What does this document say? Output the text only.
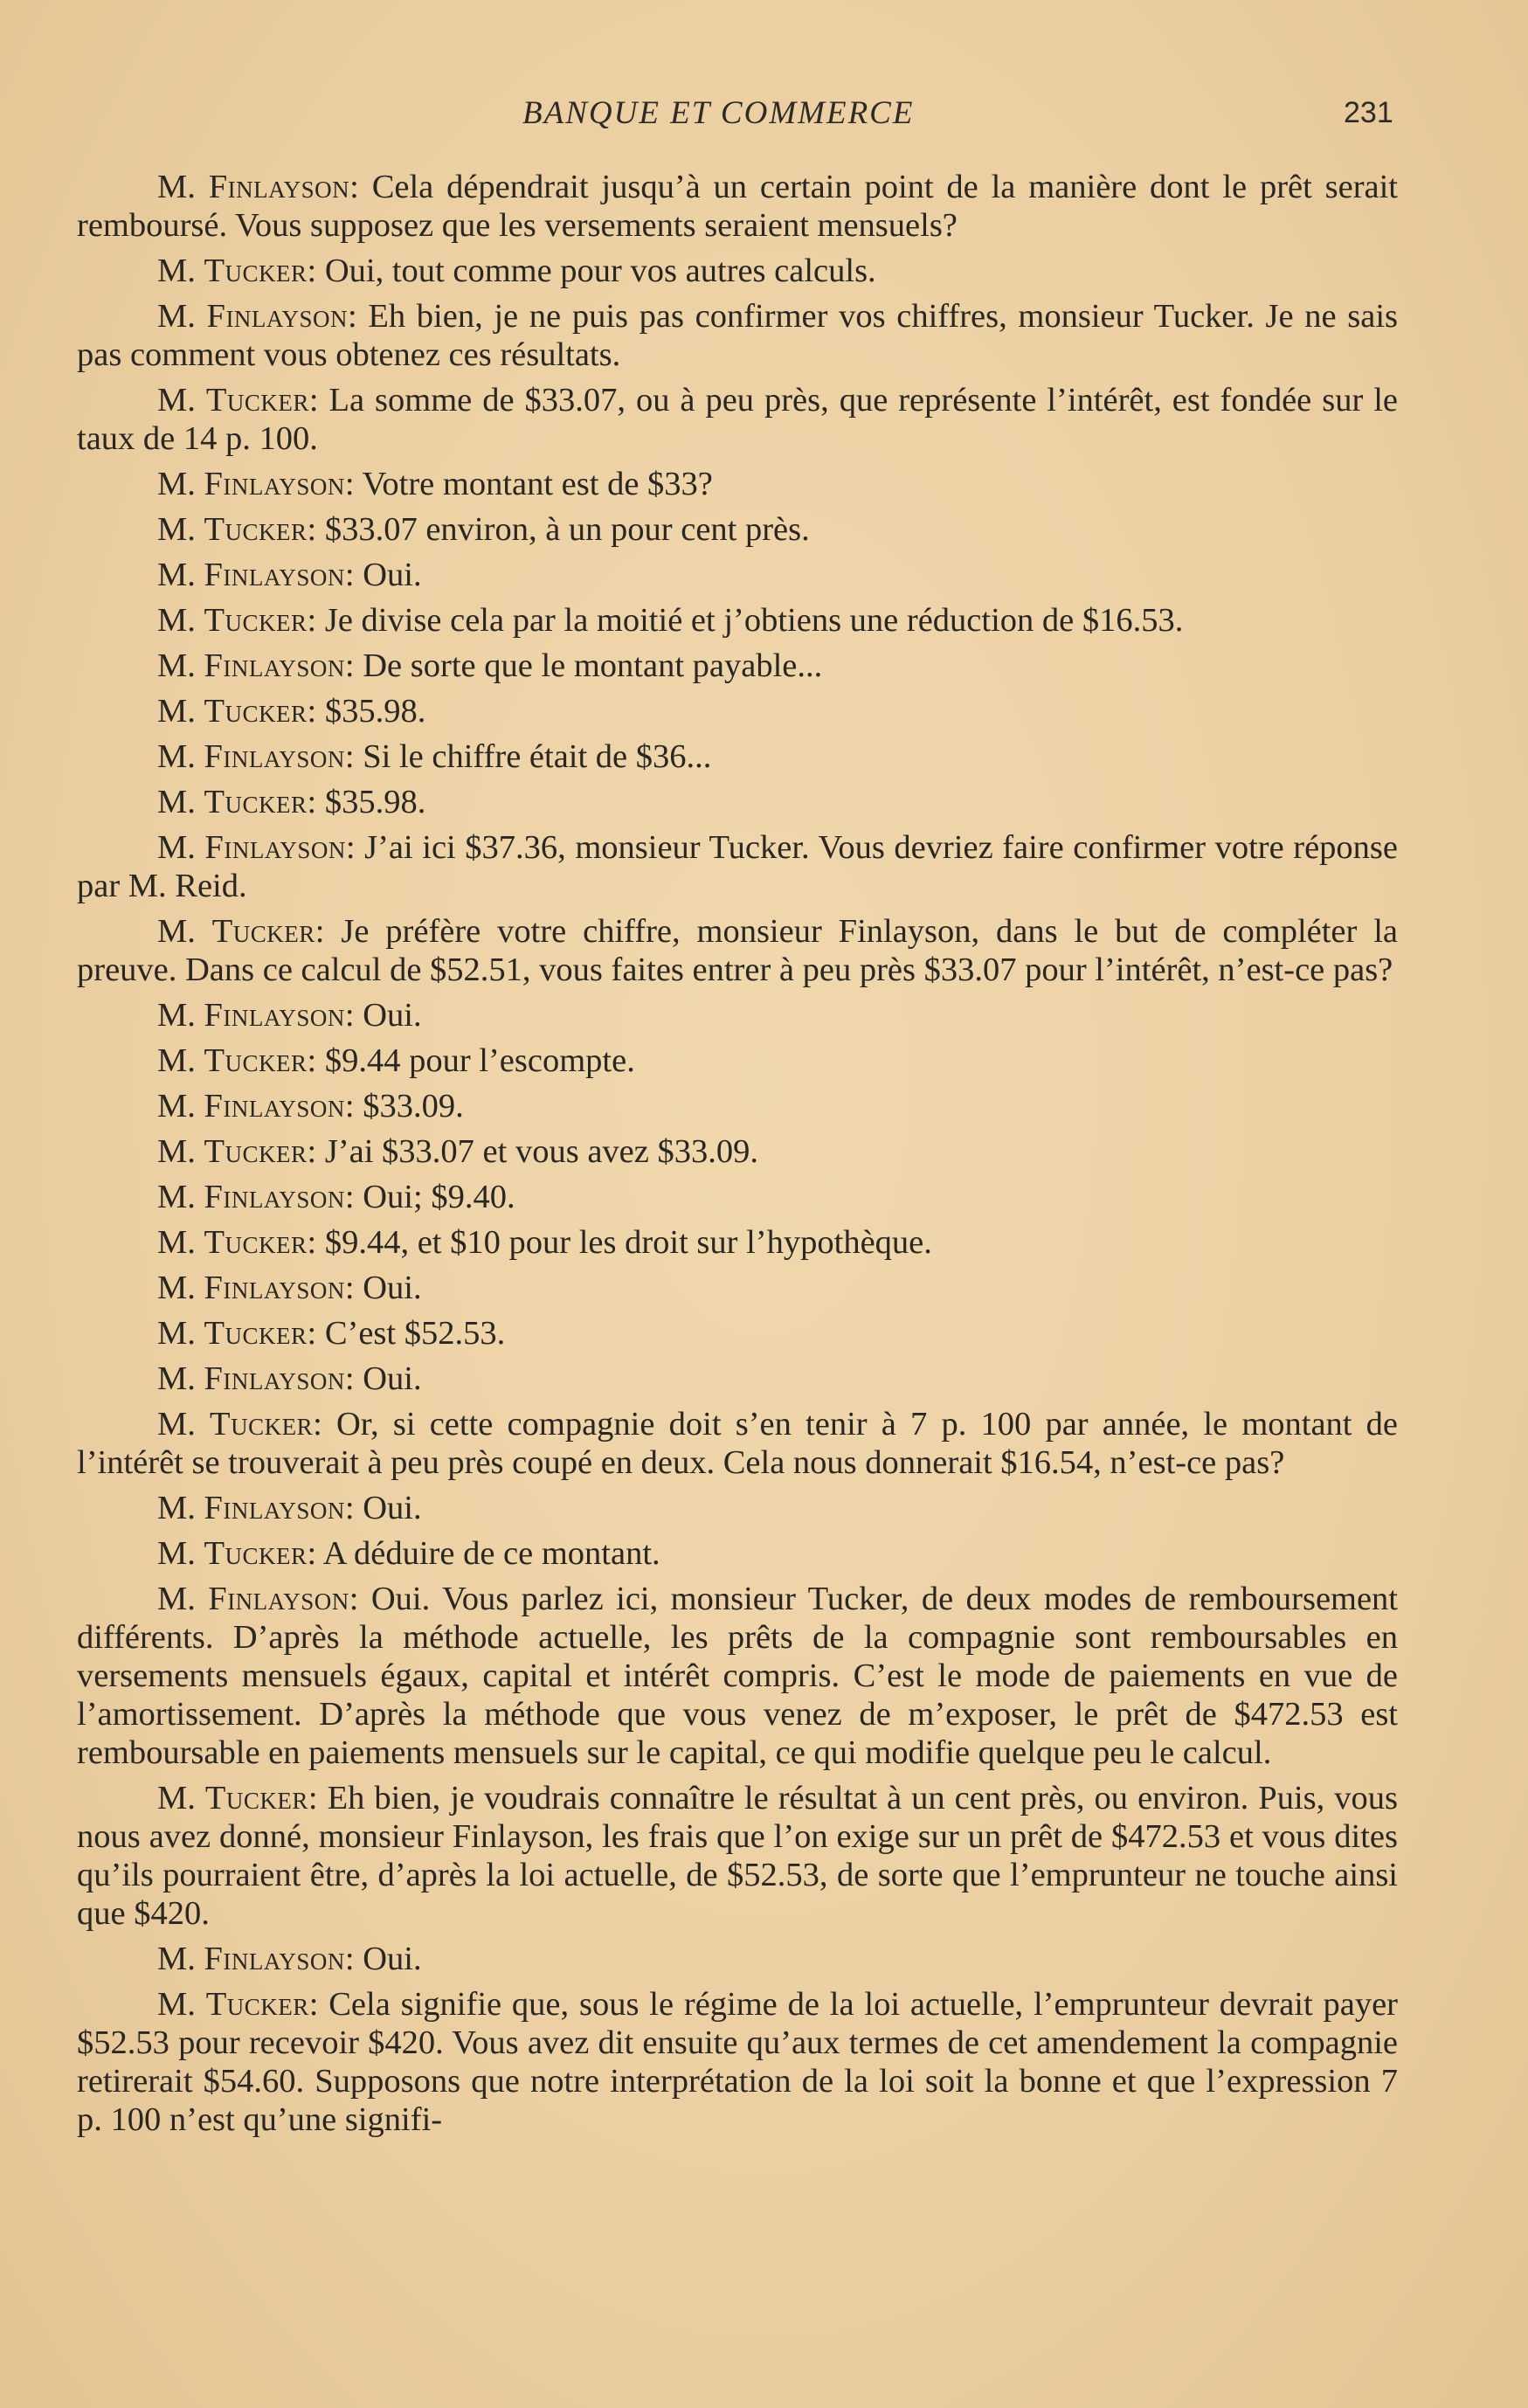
BANQUE ET COMMERCE	231

M. Finlayson: Cela dépendrait jusqu’à un certain point de la manière dont le prêt serait remboursé. Vous supposez que les versements seraient mensuels?

M. Tucker: Oui, tout comme pour vos autres calculs.

M. Finlayson: Eh bien, je ne puis pas confirmer vos chiffres, monsieur Tucker. Je ne sais pas comment vous obtenez ces résultats.

M. Tucker: La somme de $33.07, ou à peu près, que représente l’intérêt, est fondée sur le taux de 14 p. 100.

M. Finlayson: Votre montant est de $33?

M. Tucker: $33.07 environ, à un pour cent près.

M. Finlayson: Oui.

M. Tucker: Je divise cela par la moitié et j’obtiens une réduction de $16.53.

M. Finlayson: De sorte que le montant payable...

M. Tucker: $35.98.

M. Finlayson: Si le chiffre était de $36...

M. Tucker: $35.98.

M. Finlayson: J’ai ici $37.36, monsieur Tucker. Vous devriez faire confirmer votre réponse par M. Reid.

M. Tucker: Je préfère votre chiffre, monsieur Finlayson, dans le but de compléter la preuve. Dans ce calcul de $52.51, vous faites entrer à peu près $33.07 pour l’intérêt, n’est-ce pas?

M. Finlayson: Oui.

M. Tucker: $9.44 pour l’escompte.

M. Finlayson: $33.09.

M. Tucker: J’ai $33.07 et vous avez $33.09.

M. Finlayson: Oui; $9.40.

M. Tucker: $9.44, et $10 pour les droit sur l’hypothèque.

M. Finlayson: Oui.

M. Tucker: C’est $52.53.

M. Finlayson: Oui.

M. Tucker: Or, si cette compagnie doit s’en tenir à 7 p. 100 par année, le montant de l’intérêt se trouverait à peu près coupé en deux. Cela nous donnerait $16.54, n’est-ce pas?

M. Finlayson: Oui.

M. Tucker: A déduire de ce montant.

M. Finlayson: Oui. Vous parlez ici, monsieur Tucker, de deux modes de remboursement différents. D’après la méthode actuelle, les prêts de la compagnie sont remboursables en versements mensuels égaux, capital et intérêt compris. C’est le mode de paiements en vue de l’amortissement. D’après la méthode que vous venez de m’exposer, le prêt de $472.53 est remboursable en paiements mensuels sur le capital, ce qui modifie quelque peu le calcul.

M. Tucker: Eh bien, je voudrais connaître le résultat à un cent près, ou environ. Puis, vous nous avez donné, monsieur Finlayson, les frais que l’on exige sur un prêt de $472.53 et vous dites qu’ils pourraient être, d’après la loi actuelle, de $52.53, de sorte que l’emprunteur ne touche ainsi que $420.

M. Finlayson: Oui.

M. Tucker: Cela signifie que, sous le régime de la loi actuelle, l’emprunteur devrait payer $52.53 pour recevoir $420. Vous avez dit ensuite qu’aux termes de cet amendement la compagnie retirerait $54.60. Supposons que notre interprétation de la loi soit la bonne et que l’expression 7 p. 100 n’est qu’une signifi-
